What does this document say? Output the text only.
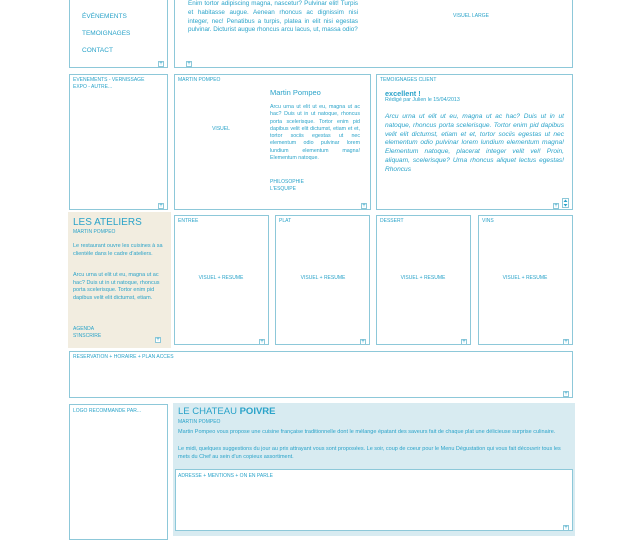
ÉVÉNEMENTS
TEMOIGNAGES
CONTACT
+
Enim tortor adipiscing magna, nascetur? Pulvinar elit! Turpis et habitasse augue. Aenean rhoncus ac dignissim nisi integer, nec! Penatibus a turpis, platea in elit nisi egestas pulvinar. Dicturist augue rhoncus arcu lacus, ut, massa odio?
VISUEL LARGE
+
EVENEMENTS - VERNISSAGE EXPO - AUTRE...
+
MARTIN POMPEO
VISUEL
Martin Pompeo
Arcu urna ut elit ut eu, magna ut ac hac? Duis ut in ut natoque, rhoncus porta scelerisque. Tortor enim pid dapibus velit elit dictumst, etiam et et, tortor sociis egestas ut nec elementum odio pulvinar lorem lundium elementum magna! Elementum natoque.
PHILOSOPHIE
L'ESQUIPE
+
TEMOIGNAGES CLIENT
excellent !
Rédigé par Julien le 15/04/2013
Arcu urna ut elit ut eu, magna ut ac hac? Duis ut in ut natoque, rhoncus porta scelerisque. Tortor enim pid dapibus velit elit dictumst, etiam et et, tortor sociis egestas ut nec elementum odio pulvinar lorem lundium elementum magna! Elementum natoque, placerat integer velit vel! Proin, aliquam, scelerisque? Urna rhoncus aliquet lectus egestas! Rhoncus
+
LES ATELIERS
MARTIN POMPEO
Le restaurant ouvre les cuisines à sa clientèle dans le cadre d'ateliers.
Arcu urna ut elit ut eu, magna ut ac hac? Duis ut in ut natoque, rhoncus porta scelerisque. Tortor enim pid dapibus velit elit dictumst, etiam.
AGENDA
S'INSCRIRE
+
ENTREE
VISUEL + RESUME
+
PLAT
VISUEL + RESUME
+
DESSERT
VISUEL + RESUME
+
VINS
VISUEL + RESUME
+
RESERVATION + HORAIRE + PLAN ACCES
+
LOGO RECOMMANDE PAR...	LE CHATEAU POIVRE
MARTIN POMPEO
Martin Pompeo vous propose une cuisine française traditionnelle dont le mélange épatant des saveurs fait de chaque plat une délicieuse surprise culinaire.
Le midi, quelques suggestions du jour au prix attrayant vous sont proposées. Le soir, coup de coeur pour le Menu Dégustation qui vous fait découvrir tous les mets du Chef au sein d'un copieux assortiment.
ADRESSE + MENTIONS + ON EN PARLE
+
